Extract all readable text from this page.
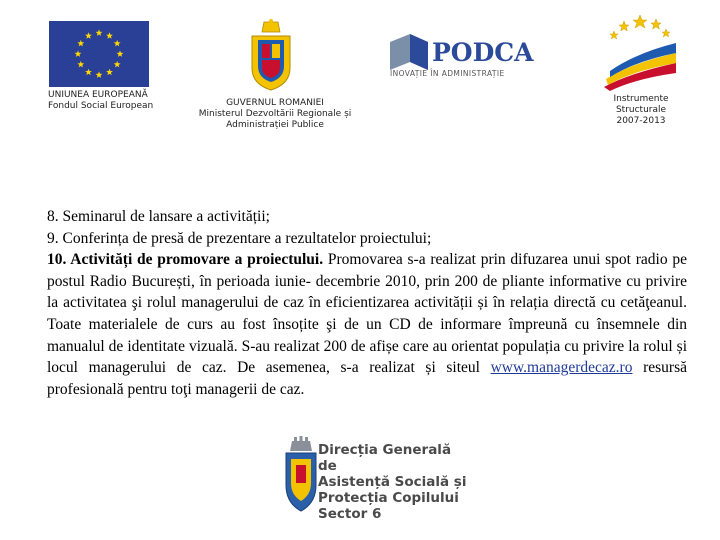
UNIUNEA EUROPEANĂ
Fondul Social European	GUVERNUL ROMANIEI
Ministerul Dezvoltării Regionale și
Administrației Publice
PODCA
INOVAȚIE ÎN ADMINISTRAȚIE
Instrumente
Structurale
2007-2013

8. Seminarul de lansare a activității;

9. Conferința de presă de prezentare a rezultatelor proiectului;

10. Activități de promovare a proiectului. Promovarea s-a realizat prin difuzarea unui spot radio pe postul Radio București, în perioada iunie- decembrie 2010, prin 200 de pliante informative cu privire la activitatea şi rolul managerului de caz în eficientizarea activității și în relația directă cu cetăţeanul. Toate materialele de curs au fost însoțite şi de un CD de informare împreună cu însemnele din manualul de identitate vizuală. S-au realizat 200 de afișe care au orientat populația cu privire la rolul și locul managerului de caz. De asemenea, s-a realizat și siteul www.managerdecaz.ro resursă profesională pentru toţi managerii de caz.

Direcția Generală de
Asistență Socială și
Protecția Copilului
Sector 6
